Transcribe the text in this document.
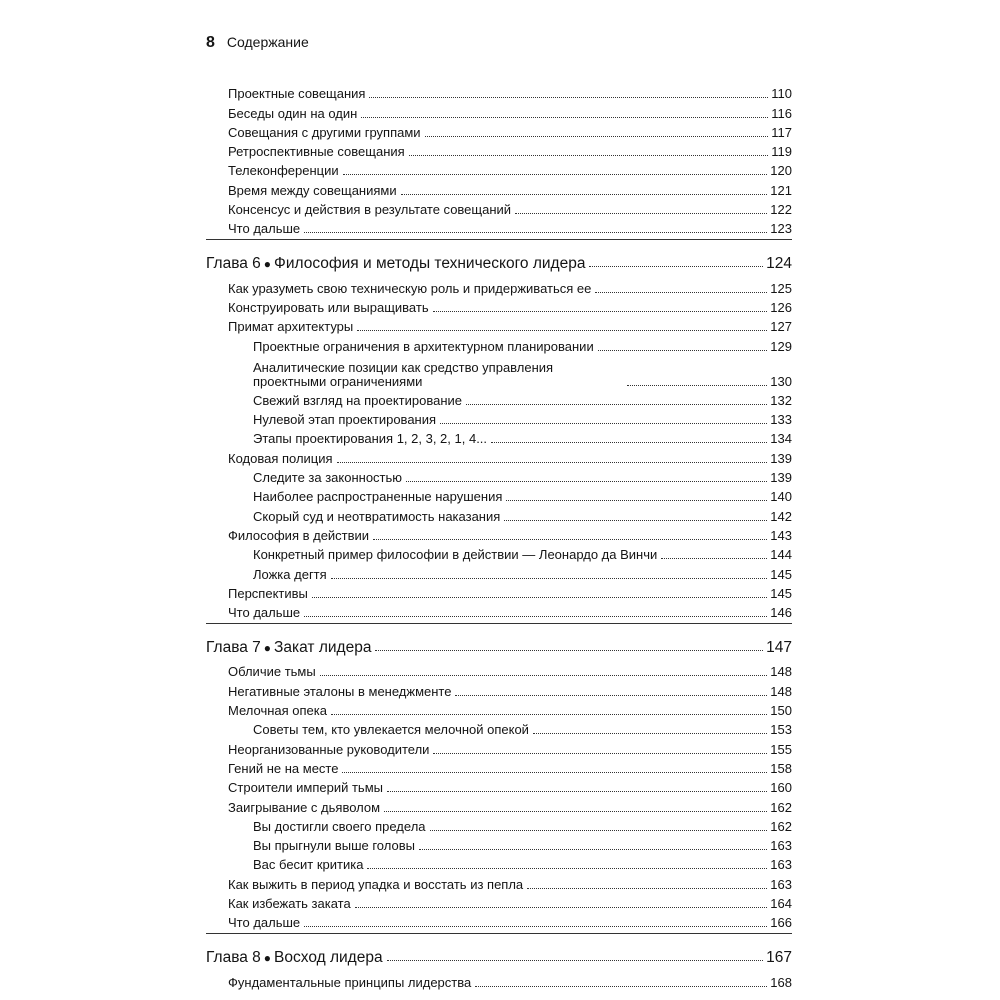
8 Содержание
Проектные совещания	110
Беседы один на один	116
Совещания с другими группами	117
Ретроспективные совещания	119
Телеконференции	120
Время между совещаниями	121
Консенсус и действия в результате совещаний	122
Что дальше	123
Глава 6 ● Философия и методы технического лидера	124
Как уразуметь свою техническую роль и придерживаться ее	125
Конструировать или выращивать	126
Примат архитектуры	127
Проектные ограничения в архитектурном планировании	129
Аналитические позиции как средство управления проектными ограничениями	130
Свежий взгляд на проектирование	132
Нулевой этап проектирования	133
Этапы проектирования 1, 2, 3, 2, 1, 4...	134
Кодовая полиция	139
Следите за законностью	139
Наиболее распространенные нарушения	140
Скорый суд и неотвратимость наказания	142
Философия в действии	143
Конкретный пример философии в действии — Леонардо да Винчи	144
Ложка дегтя	145
Перспективы	145
Что дальше	146
Глава 7 ● Закат лидера	147
Обличие тьмы	148
Негативные эталоны в менеджменте	148
Мелочная опека	150
Советы тем, кто увлекается мелочной опекой	153
Неорганизованные руководители	155
Гений не на месте	158
Строители империй тьмы	160
Заигрывание с дьяволом	162
Вы достигли своего предела	162
Вы прыгнули выше головы	163
Вас бесит критика	163
Как выжить в период упадка и восстать из пепла	163
Как избежать заката	164
Что дальше	166
Глава 8 ● Восход лидера	167
Фундаментальные принципы лидерства	168
